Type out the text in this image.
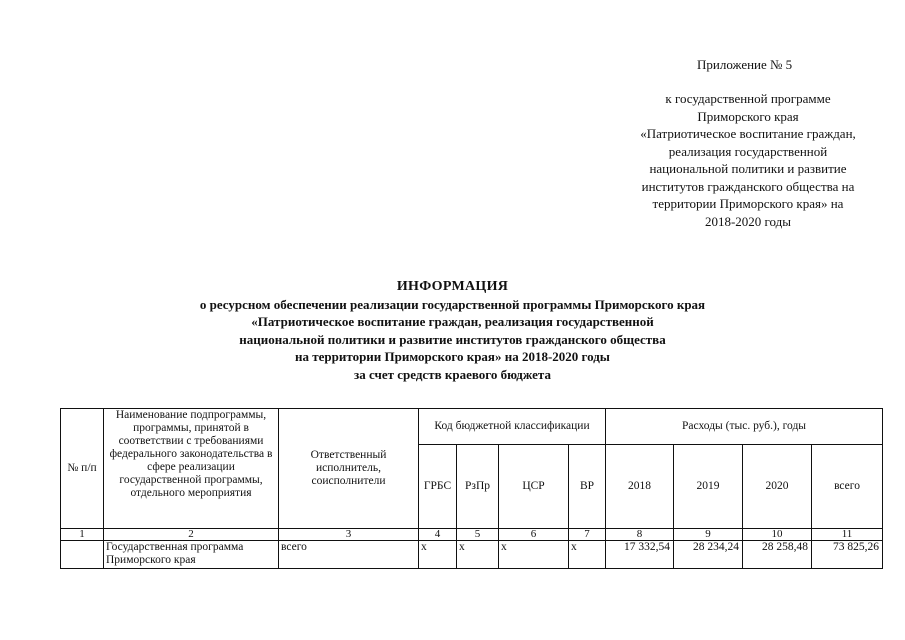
Приложение № 5
к государственной программе
Приморского края
«Патриотическое воспитание граждан,
реализация государственной
национальной политики и развитие
институтов гражданского общества на
территории Приморского края» на
2018-2020 годы
ИНФОРМАЦИЯ
о ресурсном обеспечении реализации государственной программы Приморского края
«Патриотическое воспитание граждан, реализация государственной
национальной политики и развитие институтов гражданского общества
на территории Приморского края» на 2018-2020 годы
за счет средств краевого бюджета
№ п/п	Наименование подпрограммы, программы, принятой в соответствии с требованиями федерального законодательства в сфере реализации государственной программы, отдельного мероприятия	Ответственный исполнитель, соисполнители	Код бюджетной классификации				Расходы (тыс. руб.), годы			
			ГРБС	РзПр	ЦСР	ВР	2018	2019	2020	всего
1	2	3	4	5	6	7	8	9	10	11
	Государственная программа Приморского края	всего	x	x	x	x	17 332,54	28 234,24	28 258,48	73 825,26
